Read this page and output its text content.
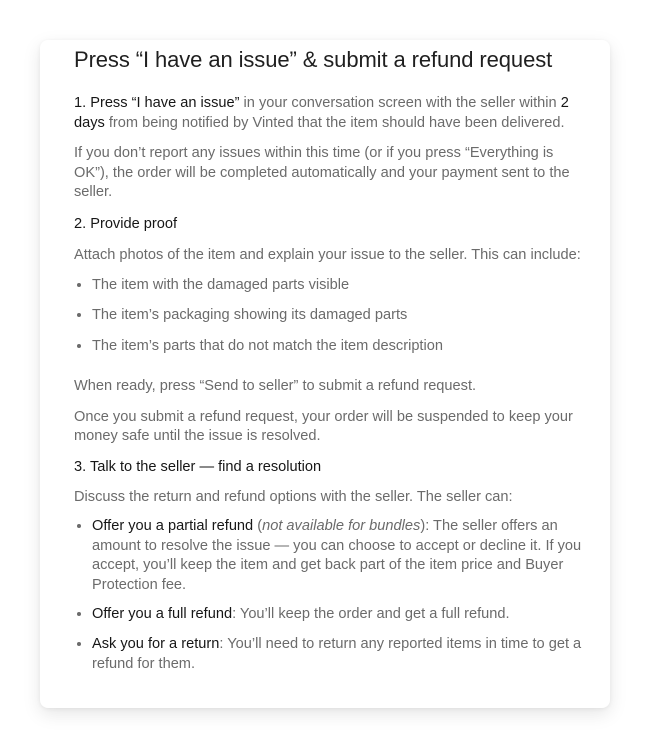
Press “I have an issue” & submit a refund request

1. Press “I have an issue” in your conversation screen with the seller within 2 days from being notified by Vinted that the item should have been delivered.

If you don’t report any issues within this time (or if you press “Everything is OK”), the order will be completed automatically and your payment sent to the seller.

2. Provide proof

Attach photos of the item and explain your issue to the seller. This can include:

• The item with the damaged parts visible
• The item’s packaging showing its damaged parts
• The item’s parts that do not match the item description

When ready, press “Send to seller” to submit a refund request.

Once you submit a refund request, your order will be suspended to keep your money safe until the issue is resolved.

3. Talk to the seller — find a resolution

Discuss the return and refund options with the seller. The seller can:

• Offer you a partial refund (not available for bundles): The seller offers an amount to resolve the issue — you can choose to accept or decline it. If you accept, you’ll keep the item and get back part of the item price and Buyer Protection fee.
• Offer you a full refund: You’ll keep the order and get a full refund.
• Ask you for a return: You’ll need to return any reported items in time to get a refund for them.
